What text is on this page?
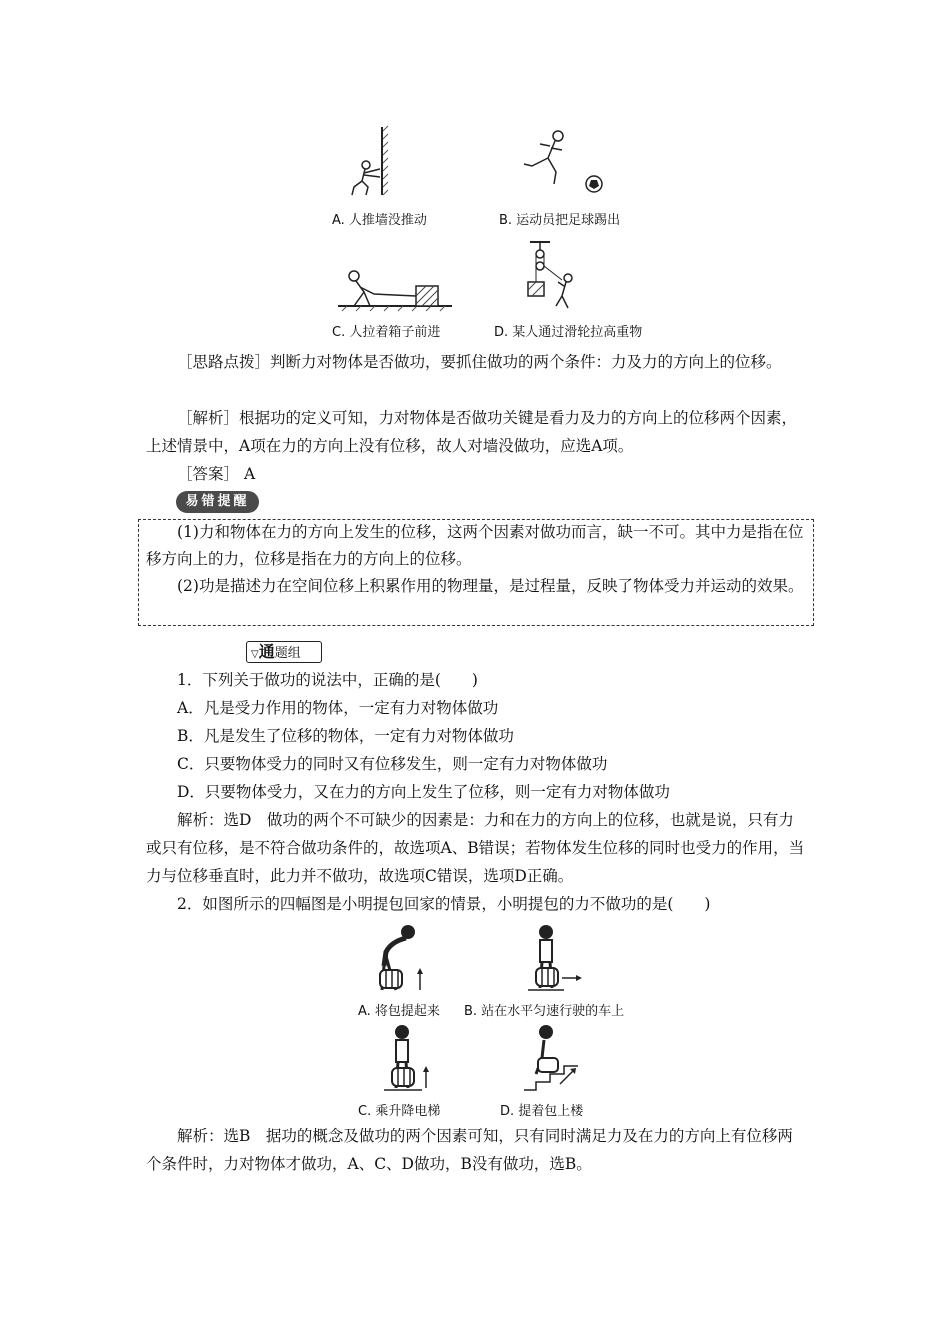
A. 人推墙没推动	B. 运动员把足球踢出
C. 人拉着箱子前进	D. 某人通过滑轮拉高重物
［思路点拨］判断力对物体是否做功，要抓住做功的两个条件：力及力的方向上的位移。
［解析］根据功的定义可知，力对物体是否做功关键是看力及力的方向上的位移两个因素，上述情景中，A项在力的方向上没有位移，故人对墙没做功，应选A项。
［答案］ A
易错提醒
(1)力和物体在力的方向上发生的位移，这两个因素对做功而言，缺一不可。其中力是指在位移方向上的力，位移是指在力的方向上的位移。
(2)功是描述力在空间位移上积累作用的物理量，是过程量，反映了物体受力并运动的效果。
▽通题组
1．下列关于做功的说法中，正确的是(　　)
A．凡是受力作用的物体，一定有力对物体做功
B．凡是发生了位移的物体，一定有力对物体做功
C．只要物体受力的同时又有位移发生，则一定有力对物体做功
D．只要物体受力，又在力的方向上发生了位移，则一定有力对物体做功
解析：选D　做功的两个不可缺少的因素是：力和在力的方向上的位移，也就是说，只有力或只有位移，是不符合做功条件的，故选项A、B错误；若物体发生位移的同时也受力的作用，当力与位移垂直时，此力并不做功，故选项C错误，选项D正确。
2．如图所示的四幅图是小明提包回家的情景，小明提包的力不做功的是(　　)
A. 将包提起来 B. 站在水平匀速行驶的车上
C. 乘升降电梯	D. 提着包上楼
解析：选B　据功的概念及做功的两个因素可知，只有同时满足力及在力的方向上有位移两个条件时，力对物体才做功，A、C、D做功，B没有做功，选B。
